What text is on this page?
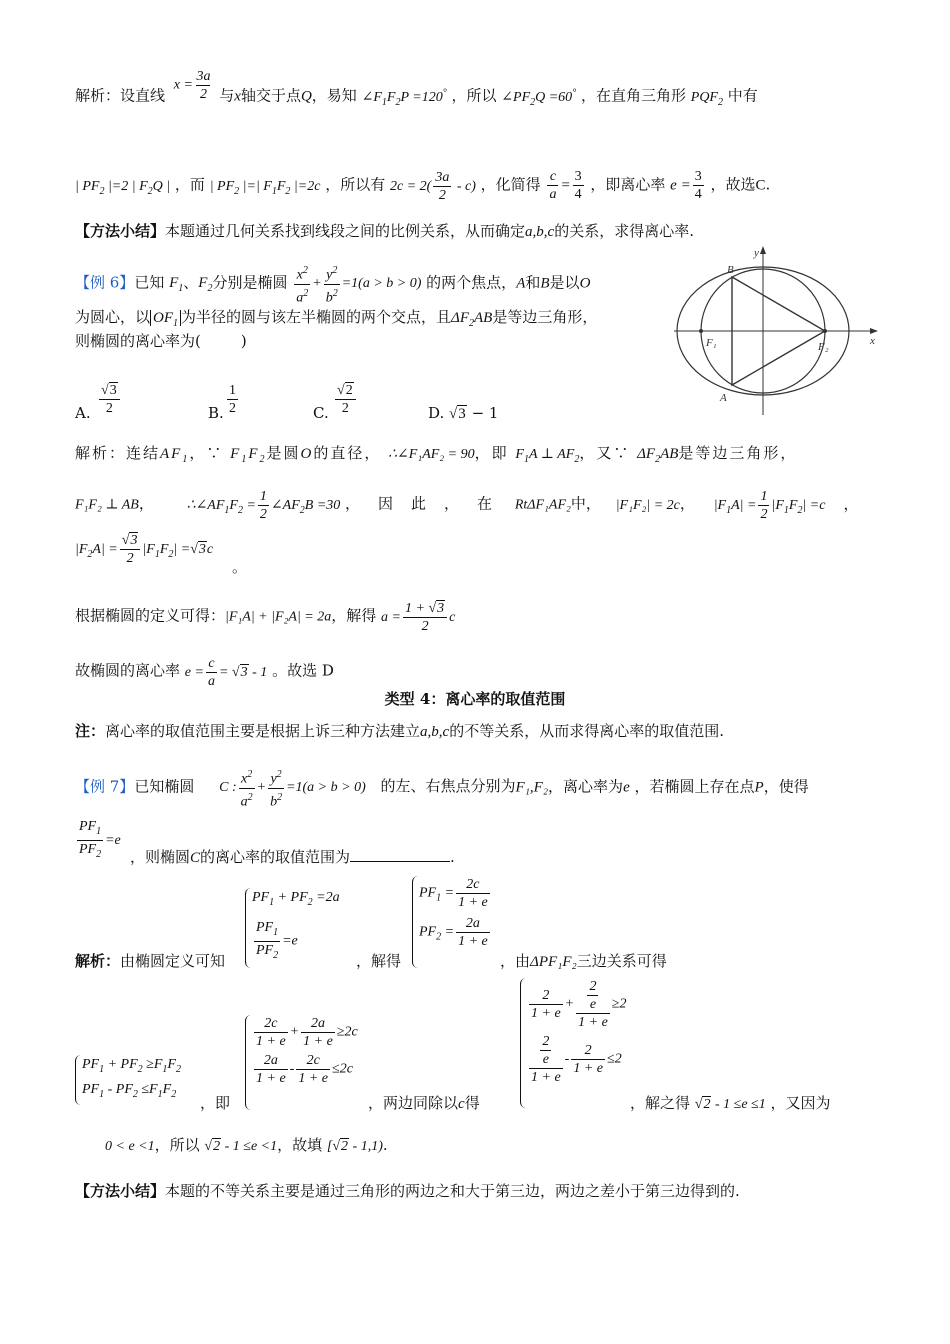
解析：设直线
$x = \frac{3a}{2}$ 与x轴交于点Q，易知 $\angle F_1F_2P =120^\circ$ ，所以 $\angle PF_2Q =60^\circ$ ，在直角三角形 $PQF_2$ 中有
| $PF_2$ |=2 | $F_2Q$ | ，而 | $PF_2$ |=| $F_1F_2$ |=2c ，所以有 $2c = 2( \frac{3a}{2} - c)$ ，化简得 $\frac{c}{a} = \frac{3}{4}$ ，即离心率 $e = \frac{3}{4}$ ，故选C.
【方法小结】本题通过几何关系找到线段之间的比例关系，从而确定a,b,c的关系，求得离心率.
【例 6】已知 $F_1$、$F_2$分别是椭圆 $\frac{x^2}{a^2} + \frac{y^2}{b^2} =1(a > b > 0)$ 的两个焦点，A和B是以O
为圆心，以 $OF_1$ 为半径的圆与该左半椭圆的两个交点，且$\Delta F_2AB$是等边三角形，
则椭圆的离心率为(	)
y
x
B
A
F₁	F₂
A. $\frac{√3}{2}$	B. $\frac{1}{2}$	C. $\frac{√2}{2}$	D. √3 − 1
解析：连结$AF_1$，∵ $F_1F_2$是圆O的直径， ∴∠F₁AF₂ = 90，即 $F_1A$ ⊥ $AF_2$，又∵ $\Delta F_2AB$是等边三角形，
F₁F₂ ⊥ AB， $\therefore\angle AF_1F_2 = \frac{1}{2}$ $\angle AF_2B =30$ ，因此，在 RtΔF₁AF₂中， |F₁F₂| = 2c， $|F_1A| = \frac{1}{2} |F_1F_2| =c$ ，
$|F_2A| = \frac{√3}{2} |F_1F_2| =√3c$
。
根据椭圆的定义可得：|F₁A| + |F₂A| = 2a，解得 $a = \frac{1 + √3}{2}$ c
故椭圆的离心率 $e = \frac{c}{a} = √3 - 1$ 。故选 D
类型 4：离心率的取值范围
注：离心率的取值范围主要是根据上诉三种方法建立a,b,c的不等关系，从而求得离心率的取值范围.
【例 7】已知椭圆 C : $\frac{x^2}{a^2} + \frac{y^2}{b^2} =1(a > b > 0)$ 的左、右焦点分别为F₁,F₂，离心率为e ，若椭圆上存在点P，使得
$\frac{PF_1}{PF_2} =e$
，则椭圆C的离心率的取值范围为	.
解析：由椭圆定义可知
$PF_1 + PF_2 =2a$
$\frac{PF_1}{PF_2} =e$
，解得
$PF_1 = \frac{2c}{1 + e}$
$PF_2 = \frac{2a}{1 + e}$
，由ΔPF₁F₂三边关系可得
$PF_1 + PF_2 \ge F_1F_2$
$PF_1 - PF_2 \le F_1F_2$	，即
$\frac{2c}{1 + e} + \frac{2a}{1 + e} \ge 2c$
$\frac{2a}{1 + e} - \frac{2c}{1 + e} \le 2c$
，两边同除以c得
$\frac{2}{1 + e} + \frac{\frac{2}{e}}{1 + e} \ge 2$
$\frac{\frac{2}{e}}{1 + e} - \frac{2}{1 + e} \le 2$
，解之得 √2 - 1 ≤e ≤1 ，又因为
0 < e <1，所以 √2 - 1 ≤e <1，故填 [√2 - 1,1).
【方法小结】本题的不等关系主要是通过三角形的两边之和大于第三边，两边之差小于第三边得到的.
